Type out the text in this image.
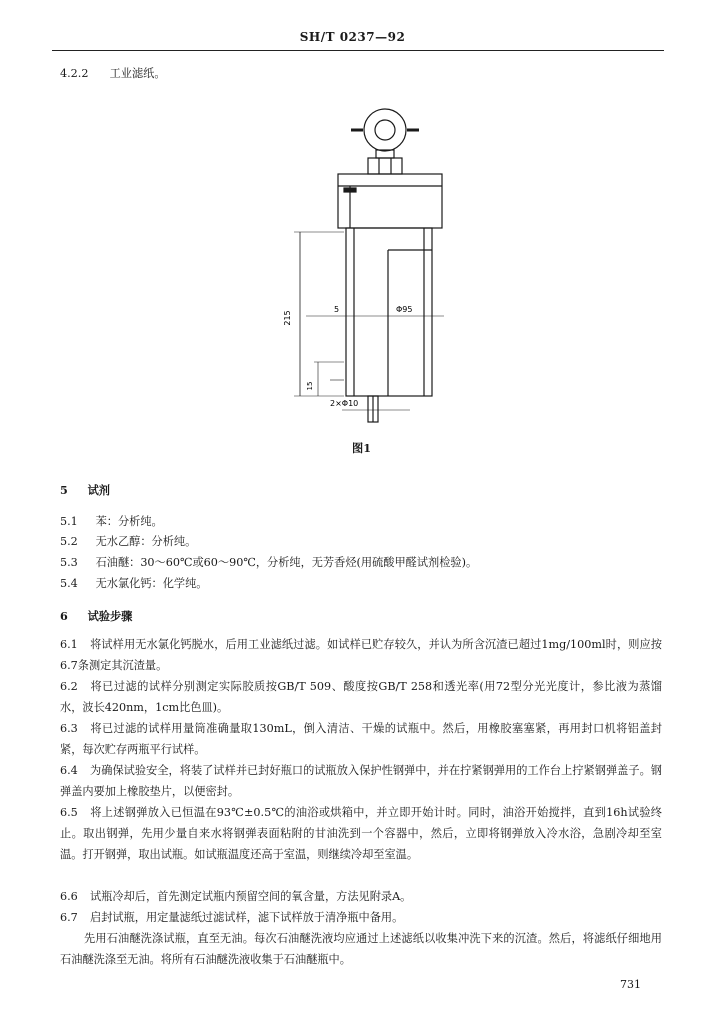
SH/T 0237—92
4.2.2 工业滤纸。
215
5	Φ95
15
2×Φ10
图1
5 试剂
5.1 苯：分析纯。
5.2 无水乙醇：分析纯。
5.3 石油醚：30～60℃或60～90℃，分析纯，无芳香烃(用硫酸甲醛试剂检验)。
5.4 无水氯化钙：化学纯。
6 试验步骤
6.1 将试样用无水氯化钙脱水，后用工业滤纸过滤。如试样已贮存较久，并认为所含沉渣已超过1mg/100ml时，则应按6.7条测定其沉渣量。
6.2 将已过滤的试样分别测定实际胶质按GB/T 509、酸度按GB/T 258和透光率(用72型分光光度计，参比液为蒸馏水，波长420nm，1cm比色皿)。
6.3 将已过滤的试样用量筒准确量取130mL，倒入清洁、干燥的试瓶中。然后，用橡胶塞塞紧，再用封口机将铝盖封紧，每次贮存两瓶平行试样。
6.4 为确保试验安全，将装了试样并已封好瓶口的试瓶放入保护性钢弹中，并在拧紧钢弹用的工作台上拧紧钢弹盖子。钢弹盖内要加上橡胶垫片，以便密封。
6.5 将上述钢弹放入已恒温在93℃±0.5℃的油浴或烘箱中，并立即开始计时。同时，油浴开始搅拌，直到16h试验终止。取出钢弹，先用少量自来水将钢弹表面粘附的甘油洗到一个容器中，然后，立即将钢弹放入冷水浴，急剧冷却至室温。打开钢弹，取出试瓶。如试瓶温度还高于室温，则继续冷却至室温。
6.6 试瓶冷却后，首先测定试瓶内预留空间的氧含量，方法见附录A。
6.7 启封试瓶，用定量滤纸过滤试样，滤下试样放于清净瓶中备用。
先用石油醚洗涤试瓶，直至无油。每次石油醚洗液均应通过上述滤纸以收集冲洗下来的沉渣。然后，将滤纸仔细地用石油醚洗涤至无油。将所有石油醚洗液收集于石油醚瓶中。
731
